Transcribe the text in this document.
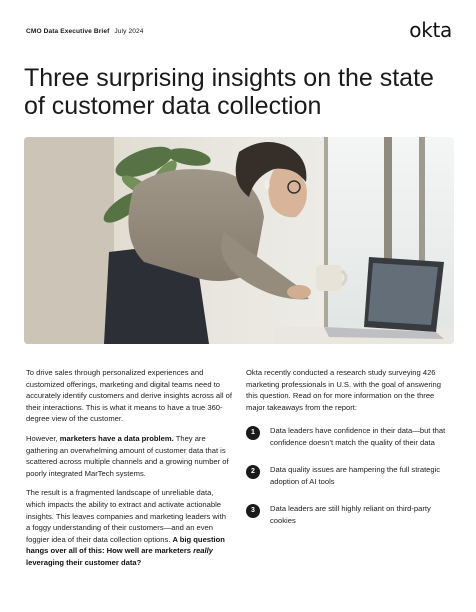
CMO Data Executive Brief July 2024	okta
Three surprising insights on the state of customer data collection

To drive sales through personalized experiences and customized offerings, marketing and digital teams need to accurately identify customers and derive insights across all of their interactions. This is what it means to have a true 360-degree view of the customer.

However, marketers have a data problem. They are gathering an overwhelming amount of customer data that is scattered across multiple channels and a growing number of poorly integrated MarTech systems.

The result is a fragmented landscape of unreliable data, which impacts the ability to extract and activate actionable insights. This leaves companies and marketing leaders with a foggy understanding of their customers—and an even foggier idea of their data collection options. A big question hangs over all of this: How well are marketers really leveraging their customer data?

Okta recently conducted a research study surveying 426 marketing professionals in U.S. with the goal of answering this question. Read on for more information on the three major takeaways from the report:

1	Data leaders have confidence in their data—but that confidence doesn't match the quality of their data
2	Data quality issues are hampering the full strategic adoption of AI tools
3	Data leaders are still highly reliant on third-party cookies
